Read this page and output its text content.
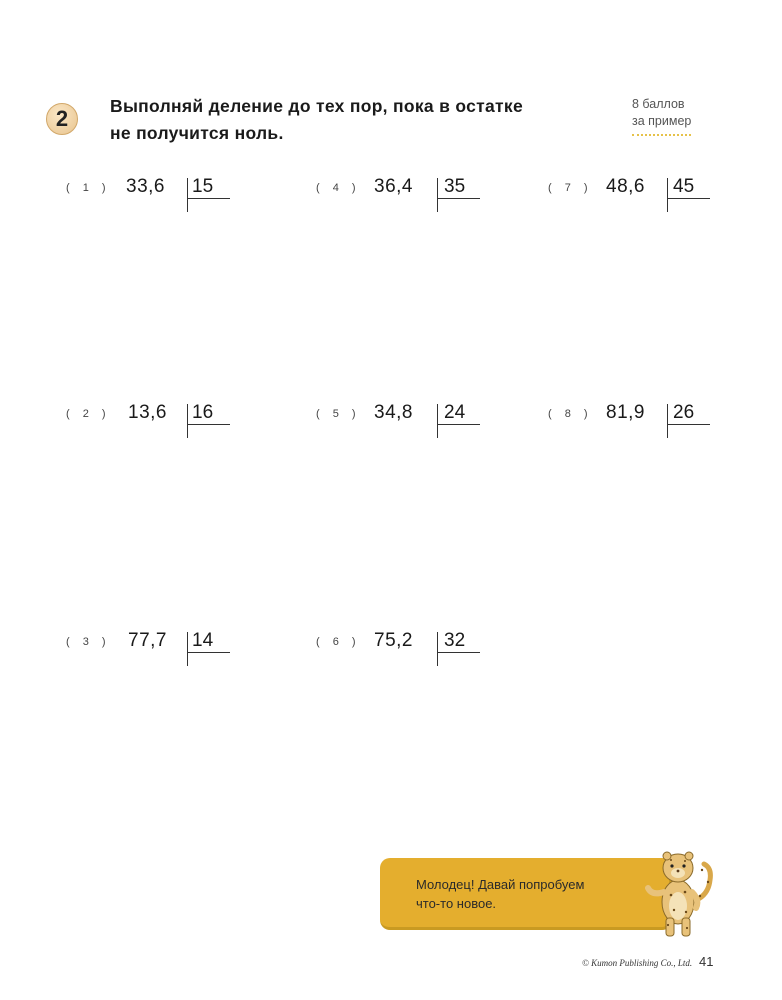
2	Выполняй деление до тех пор, пока в остатке
не получится ноль.
8 баллов
за пример
( 1 ) 33,6 15
( 2 ) 13,6 16
( 3 ) 77,7 14
( 4 ) 36,4 35
( 5 ) 34,8 24
( 6 ) 75,2 32
( 7 ) 48,6 45
( 8 ) 81,9 26
Молодец! Давай попробуем
что-то новое.
© Kumon Publishing Co., Ltd. 41
